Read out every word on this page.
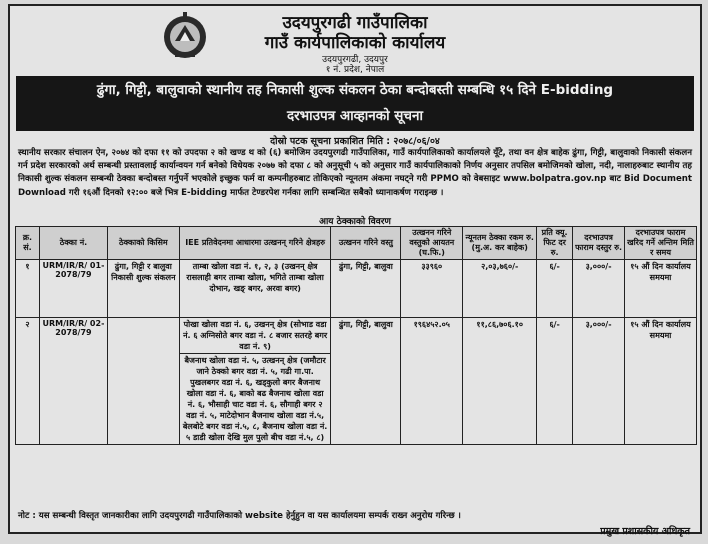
उदयपुरगढी गाउँपालिका
गाउँ कार्यपालिकाको कार्यालय
उदयपुरगढी, उदयपुर
१ नं. प्रदेश, नेपाल
ढुंगा, गिट्टी, बालुवाको स्थानीय तह निकासी शुल्क संकलन ठेका बन्दोबस्ती सम्बन्धि १५ दिने E-bidding
दरभाउपत्र आव्हानको सूचना
दोस्रो पटक सूचना प्रकाशित मिति : २०७८/०६/०४
स्थानीय सरकार संचालन ऐन, २०७४ को दफा ११ को उपदफा २ को खण्ड थ को (६) बमोजिम उदयपुरगढी गाउँपालिका, गाउँ कार्यपालिकाको कार्यालयले यूँटे, तथा वन क्षेत्र बाहेक ढुंगा, गिट्टी, बालुवाको निकासी संकलन गर्न प्रदेश सरकारको अर्थ सम्बन्धी प्रस्तावलाई कार्यान्वयन गर्न बनेको विधेयक २०७७ को दफा ८ को अनुसूची ५ को अनुसार गाउँ कार्यपालिकाको निर्णय अनुसार तपसिल बमोजिमको खोला, नदी, नालाहरुबाट स्थानीय तह निकासी शुल्क संकलन सम्बन्धी ठेक्का बन्दोबस्त गर्नुपर्ने भएकोले इच्छुक फर्म वा कम्पनीहरुबाट तोकिएको न्यूनतम अंकमा नघट्ने गरी PPMO को वेबसाइट www.bolpatra.gov.np बाट Bid Document Download गरी १६औं दिनको १२:०० बजे भित्र E-bidding मार्फत टेण्डरपेश गर्नका लागि सम्बन्धित सबैको ध्यानाकर्षण गराइन्छ ।
आय ठेक्काको विवरण
क्र. सं.	ठेक्का नं.	ठेक्काको किसिम	IEE प्रतिवेदनमा आधारमा उत्खनन् गरिने क्षेत्रहरु	उत्खनन गरिने वस्तु	उत्खनन गरिने वस्तुको आयतन (घ.फि.)	न्यूनतम ठेक्का रकम रु. (मु.अ. कर बाहेक)	प्रति क्यू. फिट दर रु.	दरभाउपत्र फाराम दस्तुर रु.	दरभाउपत्र फाराम खरिद गर्ने अन्तिम मिति र समय
१	URM/IR/R/ 01-2078/79	ढुंगा, गिट्टी र बालुवा निकासी शुल्क संकलन	ताम्बा खोला वडा नं. १, २, ३ (उखनन् क्षेत्र रासलाही बगर ताम्बा खोला, भगिते ताम्बा खोला दोभान, खङ् बगर, अरवा बगर)	ढुंगा, गिट्टी, बालुवा	३३९६०	२,०३,७६०/-	६/-	३,०००/-	१५ औं दिन कार्यालय समयमा
२	URM/IR/R/ 02-2078/79		पोखा खोला वडा नं. ६, उखनन् क्षेत्र (सोभाड वडा नं. ६ अग्निसोते बगर वडा नं. ८ बजार सतरहे बगर वडा नं. ९)	ढुंगा, गिट्टी, बालुवा	१९६४५२.०५	११,८६,७०६.१०	६/-	३,०००/-	१५ औं दिन कार्यालय समयमा
			बैजनाथ खोला वडा नं. ५, उत्खनन् क्षेत्र (जमौटार जाने ठेक्को बगर वडा नं. ५, गढी गा.पा. पुखलबगर वडा नं. ६, खड्कुलो बगर बैजनाथ खोला वडा नं. ६, बाको बढ बैजनाथ खोला वडा नं. ६, भौसाही चाट वडा नं. ६, सौगाही बगर २ वडा नं. ५, माटेदोभान बैजनाथ खोला वडा नं.५, बेलबोटे बगर वडा नं.५, ८, बैजनाथ खोला वडा नं. ५ डाडी खोला देखि मुल पुलो बीच वडा नं.५, ८)						
नोट : यस सम्बन्धी विस्तृत जानकारीका लागि उदयपुरगढी गाउँपालिकाको website हेर्नुहुन वा यस कार्यालयमा सम्पर्क राख्न अनुरोध गरिन्छ ।
प्रमुख प्रशासकीय अधिकृत
